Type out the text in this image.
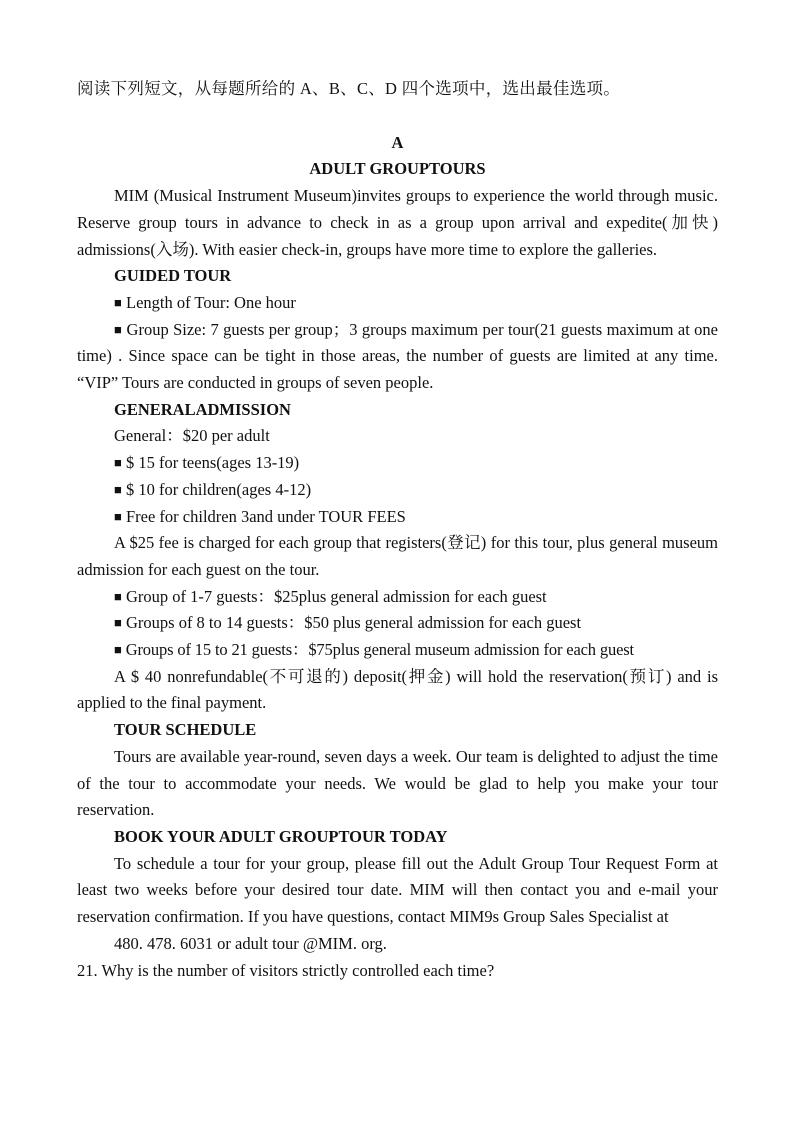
阅读下列短文，从每题所给的 A、B、C、D 四个选项中，选出最佳选项。

A

ADULT GROUPTOURS

MIM (Musical Instrument Museum)invites groups to experience the world through music. Reserve group tours in advance to check in as a group upon arrival and expedite(加快) admissions(入场). With easier check-in, groups have more time to explore the galleries.

GUIDED TOUR

■ Length of Tour: One hour

■ Group Size: 7 guests per group；3 groups maximum per tour(21 guests maximum at one time) . Since space can be tight in those areas, the number of guests are limited at any time. “VIP” Tours are conducted in groups of seven people.

GENERALADMISSION

General：$20 per adult

■ $ 15 for teens(ages 13-19)

■ $ 10 for children(ages 4-12)

■ Free for children 3and under TOUR FEES

A $25 fee is charged for each group that registers(登记) for this tour, plus general museum admission for each guest on the tour.

■ Group of 1-7 guests：$25plus general admission for each guest

■ Groups of 8 to 14 guests：$50 plus general admission for each guest

■ Groups of 15 to 21 guests：$75plus general museum admission for each guest

A $ 40 nonrefundable(不可退的) deposit(押金) will hold the reservation(预订) and is applied to the final payment.

TOUR SCHEDULE

Tours are available year-round, seven days a week. Our team is delighted to adjust the time of the tour to accommodate your needs. We would be glad to help you make your tour reservation.

BOOK YOUR ADULT GROUPTOUR TODAY

To schedule a tour for your group, please fill out the Adult Group Tour Request Form at least two weeks before your desired tour date. MIM will then contact you and e-mail your reservation confirmation. If you have questions, contact MIM9s Group Sales Specialist at

480. 478. 6031 or adult tour @MIM. org.

21. Why is the number of visitors strictly controlled each time?
